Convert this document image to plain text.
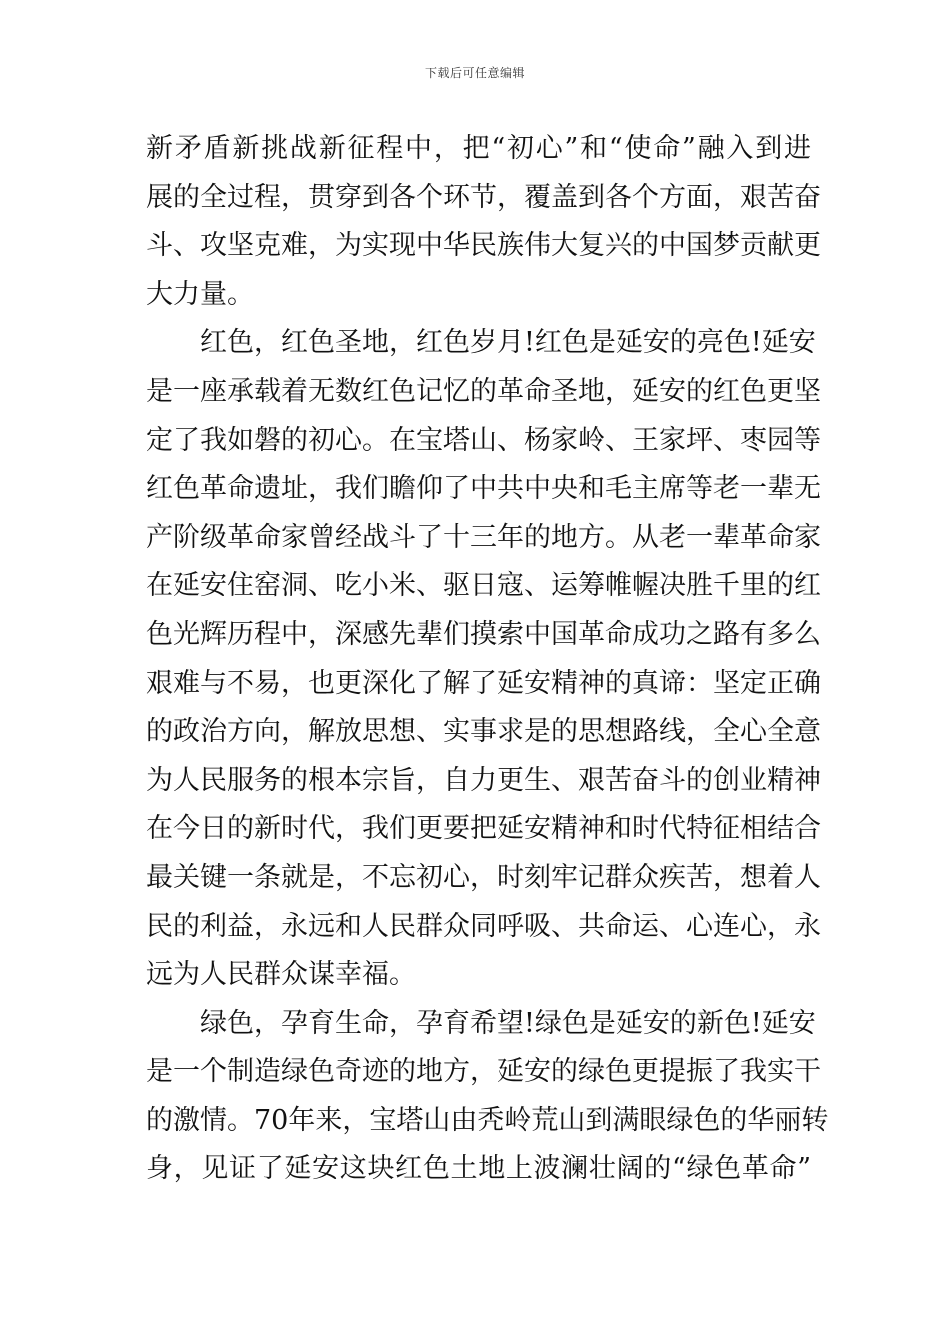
下载后可任意编辑
新矛盾新挑战新征程中，把“初心”和“使命”融入到进
展的全过程，贯穿到各个环节，覆盖到各个方面，艰苦奋
斗、攻坚克难，为实现中华民族伟大复兴的中国梦贡献更
大力量。
红色，红色圣地，红色岁月!红色是延安的亮色!延安
是一座承载着无数红色记忆的革命圣地，延安的红色更坚
定了我如磐的初心。在宝塔山、杨家岭、王家坪、枣园等
红色革命遗址，我们瞻仰了中共中央和毛主席等老一辈无
产阶级革命家曾经战斗了十三年的地方。从老一辈革命家
在延安住窑洞、吃小米、驱日寇、运筹帷幄决胜千里的红
色光辉历程中，深感先辈们摸索中国革命成功之路有多么
艰难与不易，也更深化了解了延安精神的真谛：坚定正确
的政治方向，解放思想、实事求是的思想路线，全心全意
为人民服务的根本宗旨，自力更生、艰苦奋斗的创业精神
在今日的新时代，我们更要把延安精神和时代特征相结合
最关键一条就是，不忘初心，时刻牢记群众疾苦，想着人
民的利益，永远和人民群众同呼吸、共命运、心连心，永
远为人民群众谋幸福。
绿色，孕育生命，孕育希望!绿色是延安的新色!延安
是一个制造绿色奇迹的地方，延安的绿色更提振了我实干
的激情。70年来，宝塔山由秃岭荒山到满眼绿色的华丽转
身，见证了延安这块红色土地上波澜壮阔的“绿色革命”
